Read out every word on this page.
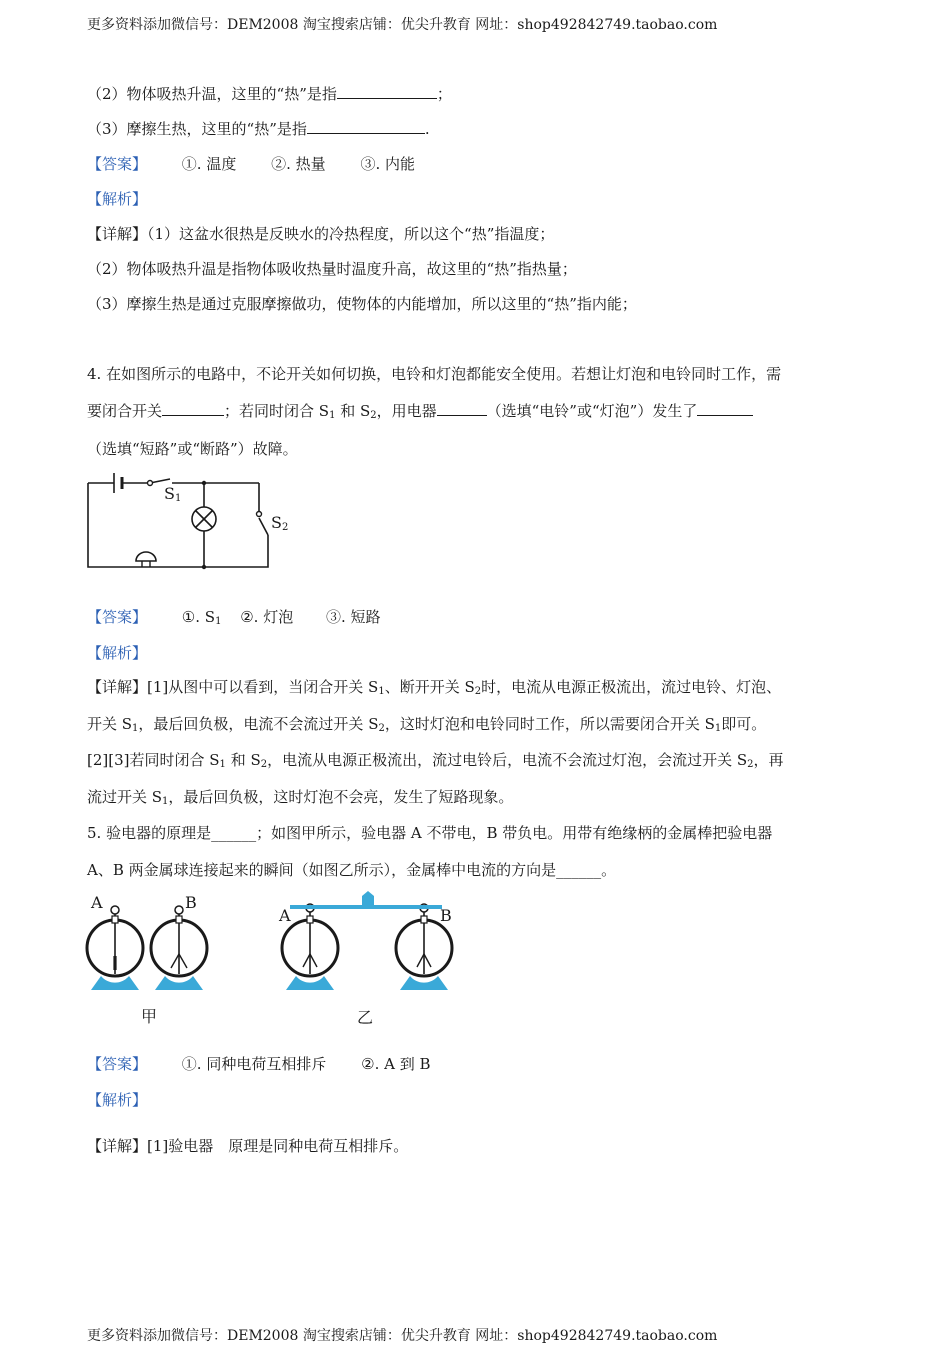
更多资料添加微信号：DEM2008 淘宝搜索店铺：优尖升教育 网址：shop492842749.taobao.com
更多资料添加微信号：DEM2008 淘宝搜索店铺：优尖升教育 网址：shop492842749.taobao.com
（2）物体吸热升温，这里的“热”是指	；
（3）摩擦生热，这里的“热”是指	.
【答案】 ①. 温度 ②. 热量 ③. 内能
【解析】
【详解】（1）这盆水很热是反映水的冷热程度，所以这个“热”指温度；
（2）物体吸热升温是指物体吸收热量时温度升高，故这里的“热”指热量；
（3）摩擦生热是通过克服摩擦做功，使物体的内能增加，所以这里的“热”指内能；
4. 在如图所示的电路中，不论开关如何切换，电铃和灯泡都能安全使用。若想让灯泡和电铃同时工作，需
要闭合开关	；若同时闭合 $S_1$ 和 $S_2$，用电器	（选填“电铃”或“灯泡”）发生了
（选填“短路”或“断路”）故障。
$S_1$
$S_2$
【答案】 ①. $S_1$ ②. 灯泡 ③. 短路
【解析】
【详解】[1]从图中可以看到，当闭合开关 $S_1$、断开开关 $S_2$时，电流从电源正极流出，流过电铃、灯泡、
开关 $S_1$，最后回负极，电流不会流过开关 $S_2$，这时灯泡和电铃同时工作，所以需要闭合开关 $S_1$即可。
[2][3]若同时闭合 $S_1$ 和 $S_2$，电流从电源正极流出，流过电铃后，电流不会流过灯泡，会流过开关 $S_2$，再
流过开关 $S_1$，最后回负极，这时灯泡不会亮，发生了短路现象。
5. 验电器的原理是______；如图甲所示，验电器 A 不带电，B 带负电。用带有绝缘柄的金属棒把验电器
A、B 两金属球连接起来的瞬间（如图乙所示），金属棒中电流的方向是______。
A	B
A	B
甲	乙
【答案】 ①. 同种电荷互相排斥 ②. A 到 B
【解析】
【详解】[1]验电器　原理是同种电荷互相排斥。
